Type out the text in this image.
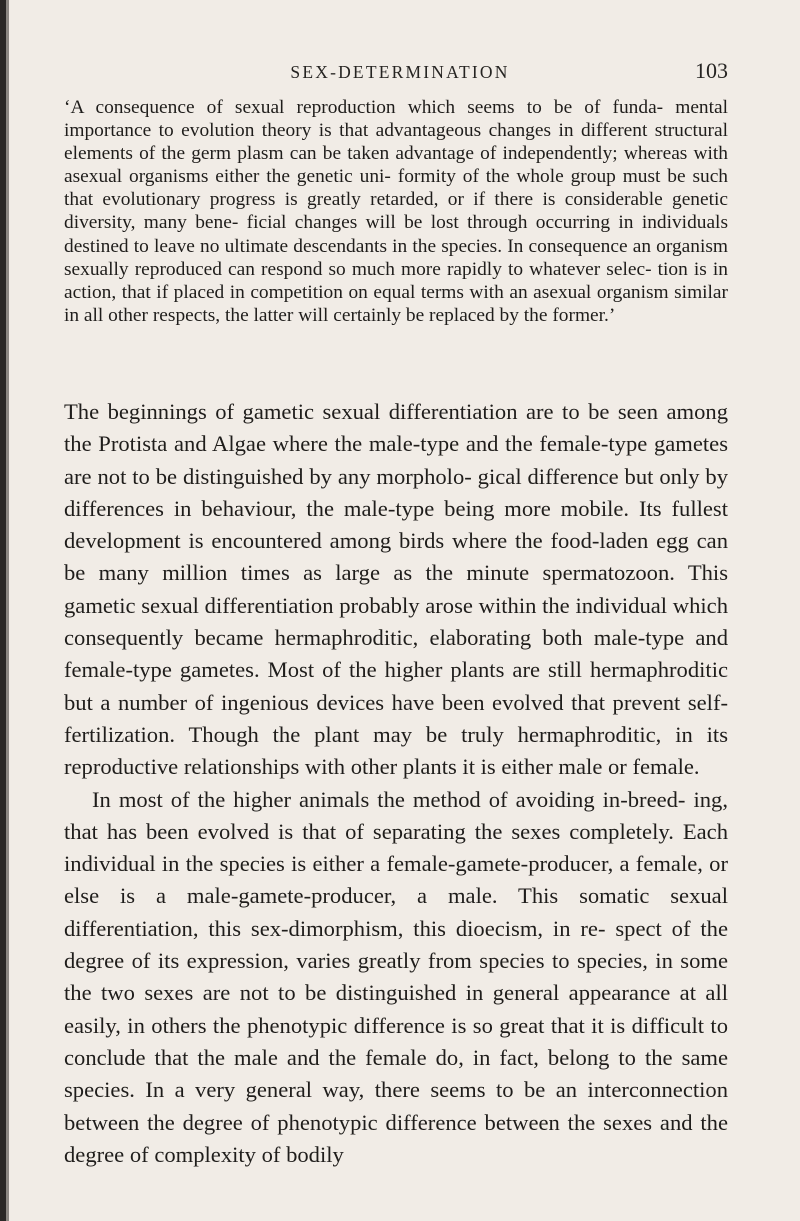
SEX-DETERMINATION	103

‘A consequence of sexual reproduction which seems to be of funda- mental importance to evolution theory is that advantageous changes in different structural elements of the germ plasm can be taken advantage of independently; whereas with asexual organisms either the genetic uni- formity of the whole group must be such that evolutionary progress is greatly retarded, or if there is considerable genetic diversity, many bene- ficial changes will be lost through occurring in individuals destined to leave no ultimate descendants in the species. In consequence an organism sexually reproduced can respond so much more rapidly to whatever selec- tion is in action, that if placed in competition on equal terms with an asexual organism similar in all other respects, the latter will certainly be replaced by the former.’

The beginnings of gametic sexual differentiation are to be seen among the Protista and Algae where the male-type and the female-type gametes are not to be distinguished by any morpholo- gical difference but only by differences in behaviour, the male-type being more mobile. Its fullest development is encountered among birds where the food-laden egg can be many million times as large as the minute spermatozoon. This gametic sexual differentiation probably arose within the individual which consequently became hermaphroditic, elaborating both male-type and female-type gametes. Most of the higher plants are still hermaphroditic but a number of ingenious devices have been evolved that prevent self- fertilization. Though the plant may be truly hermaphroditic, in its reproductive relationships with other plants it is either male or female.

In most of the higher animals the method of avoiding in-breed- ing, that has been evolved is that of separating the sexes completely. Each individual in the species is either a female-gamete-producer, a female, or else is a male-gamete-producer, a male. This somatic sexual differentiation, this sex-dimorphism, this dioecism, in re- spect of the degree of its expression, varies greatly from species to species, in some the two sexes are not to be distinguished in general appearance at all easily, in others the phenotypic difference is so great that it is difficult to conclude that the male and the female do, in fact, belong to the same species. In a very general way, there seems to be an interconnection between the degree of phenotypic difference between the sexes and the degree of complexity of bodily
